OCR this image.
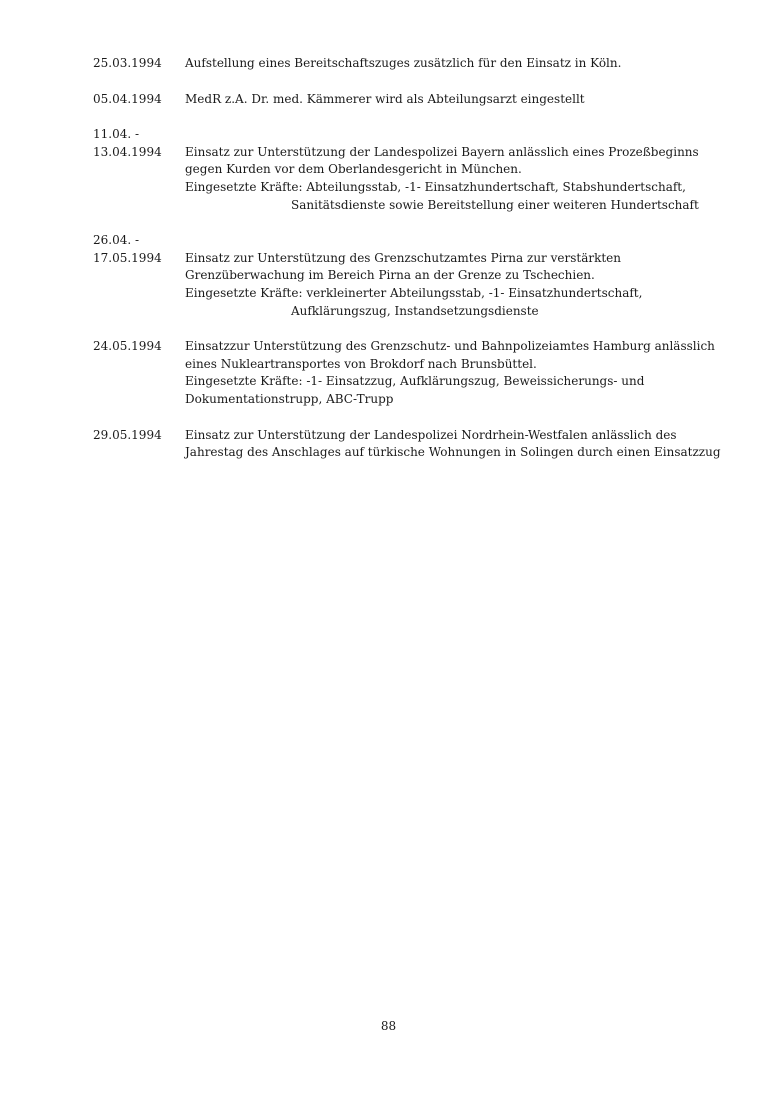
25.03.1994	Aufstellung eines Bereitschaftszuges zusätzlich für den Einsatz in Köln.
05.04.1994	MedR z.A. Dr. med. Kämmerer wird als Abteilungsarzt eingestellt
11.04. -
13.04.1994	Einsatz zur Unterstützung der Landespolizei Bayern anlässlich eines Prozeßbeginns
gegen Kurden vor dem Oberlandesgericht in München.
Eingesetzte Kräfte: Abteilungsstab, -1- Einsatzhundertschaft, Stabshundertschaft,
Sanitätsdienste sowie Bereitstellung einer weiteren Hundertschaft
26.04. -
17.05.1994	Einsatz zur Unterstützung des Grenzschutzamtes Pirna zur verstärkten
Grenzüberwachung im Bereich Pirna an der Grenze zu Tschechien.
Eingesetzte Kräfte: verkleinerter Abteilungsstab, -1- Einsatzhundertschaft,
Aufklärungszug, Instandsetzungsdienste
24.05.1994	Einsatzzur Unterstützung des Grenzschutz- und Bahnpolizeiamtes Hamburg anlässlich
eines Nukleartransportes von Brokdorf nach Brunsbüttel.
Eingesetzte Kräfte: -1- Einsatzzug, Aufklärungszug, Beweissicherungs- und
Dokumentationstrupp, ABC-Trupp
29.05.1994	Einsatz zur Unterstützung der Landespolizei Nordrhein-Westfalen anlässlich des
Jahrestag des Anschlages auf türkische Wohnungen in Solingen durch einen Einsatzzug
88
